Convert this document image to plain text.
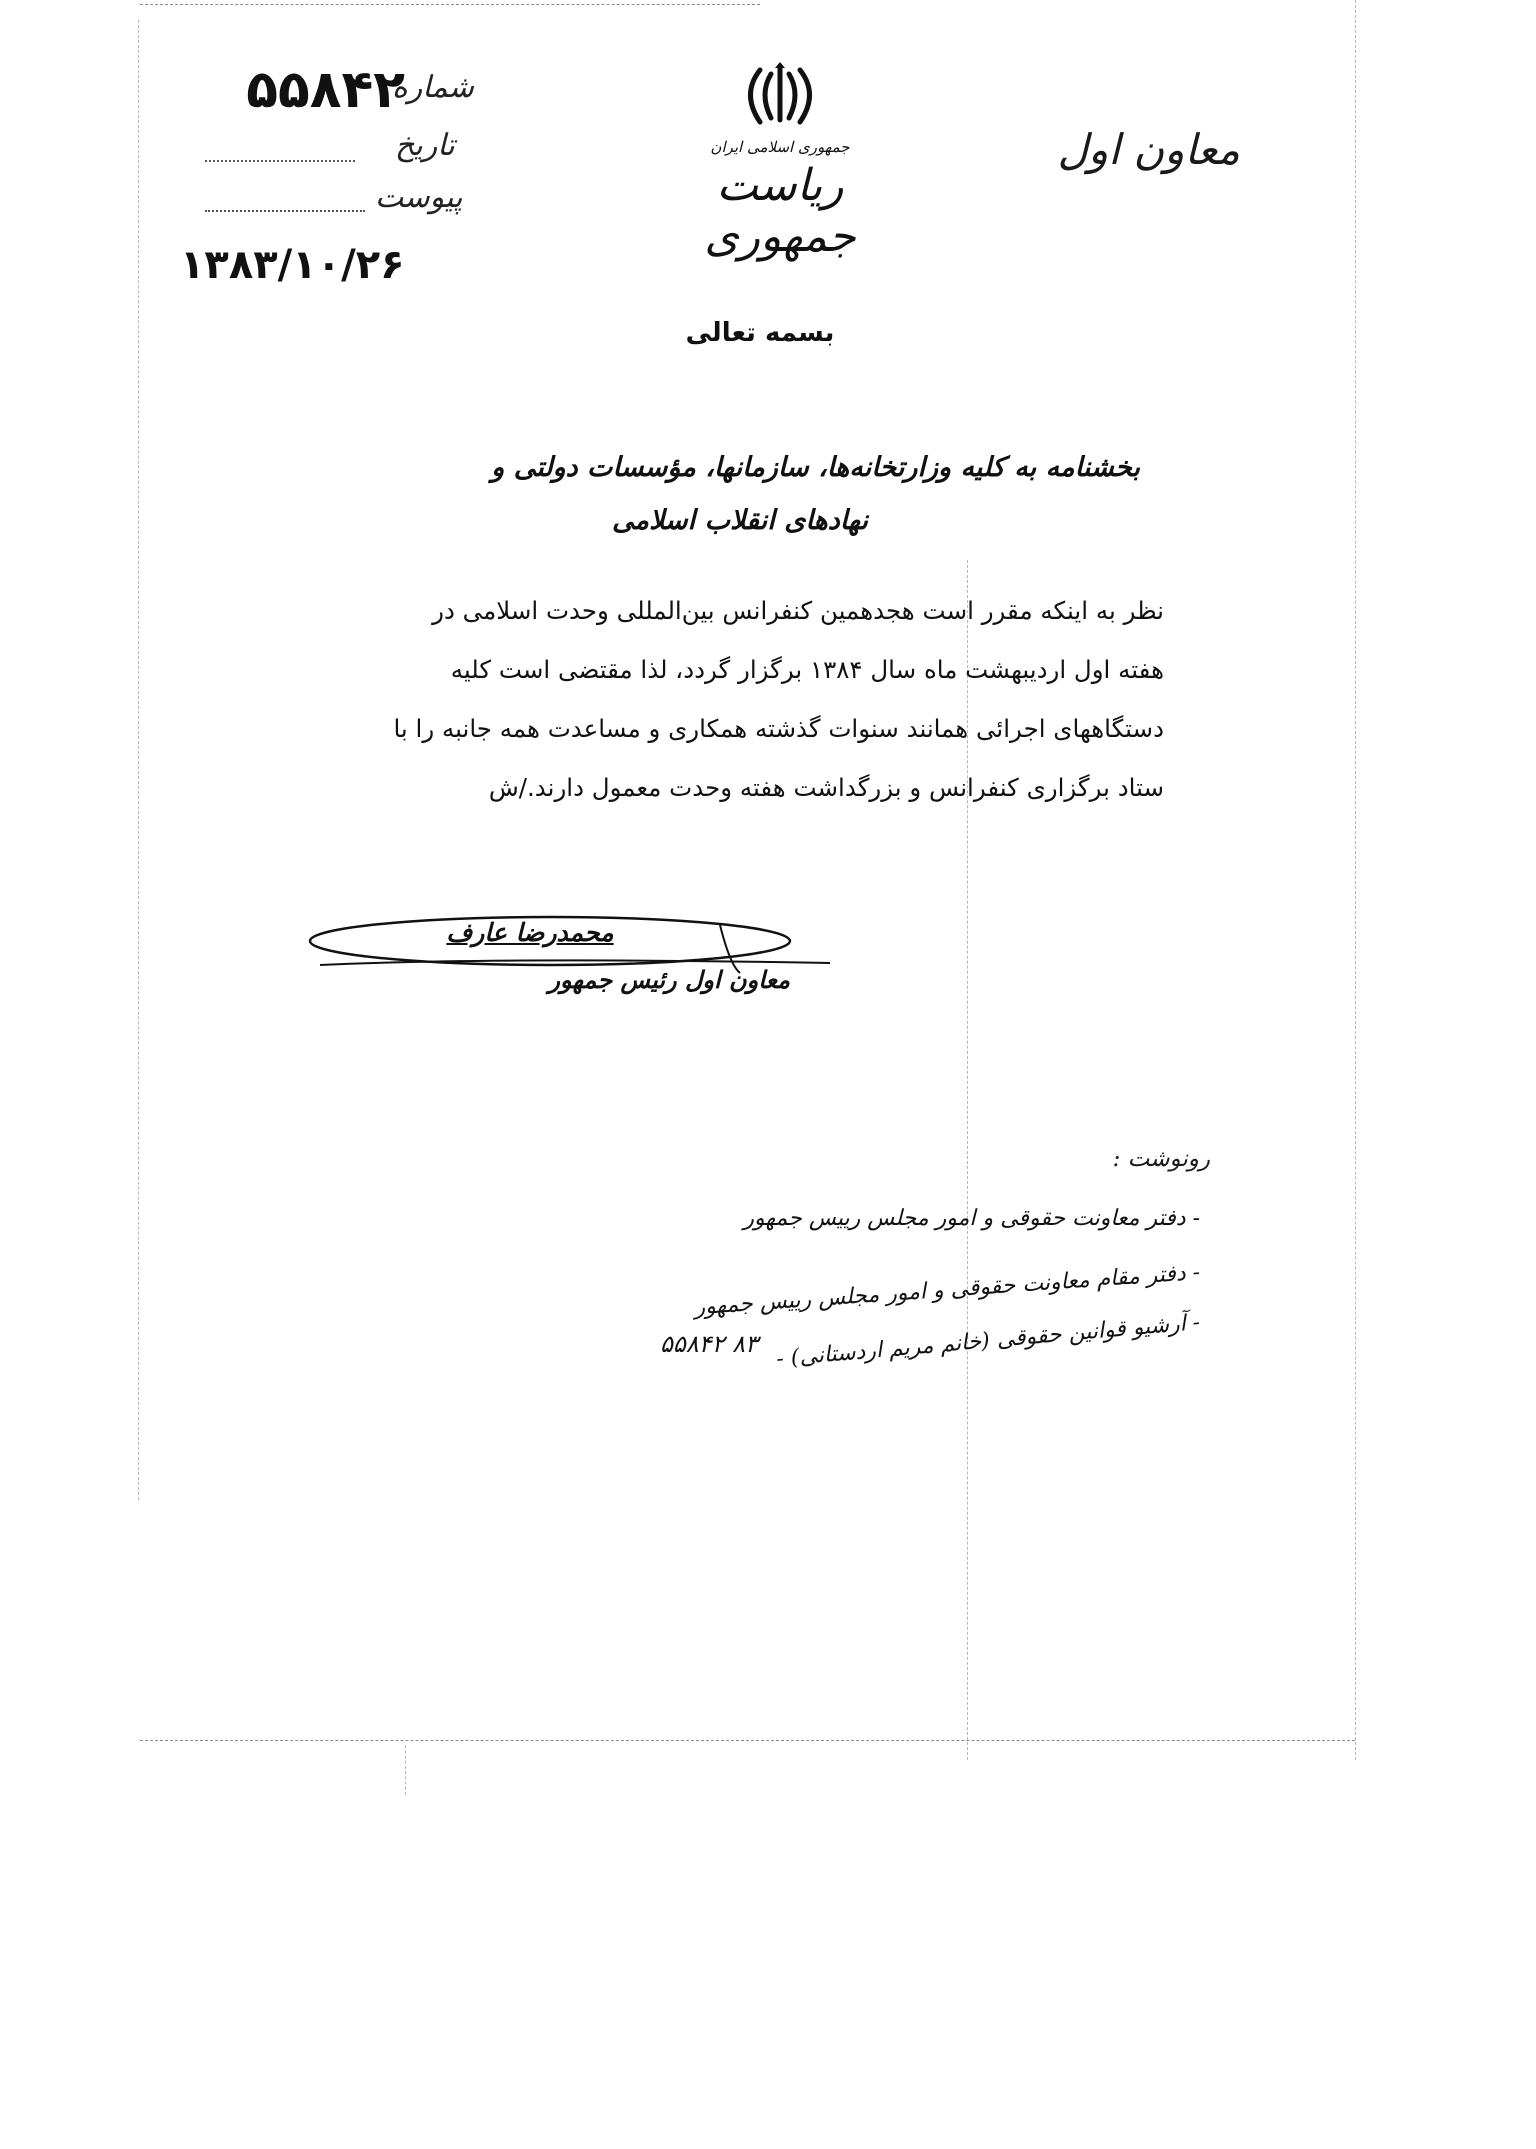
۵۵۸۴۲
شماره
تاریخ
پیوست
۱۳۸۳/۱۰/۲۶
جمهوری اسلامی ایران
ریاست جمهوری
معاون اول
بسمه تعالی
بخشنامه به کلیه وزارتخانه‌ها، سازمانها، مؤسسات دولتی و
نهادهای انقلاب اسلامی
نظر به اینکه مقرر است هجدهمین کنفرانس بین‌المللی وحدت اسلامی در
هفته اول اردیبهشت ماه سال ۱۳۸۴ برگزار گردد، لذا مقتضی است کلیه
دستگاههای اجرائی همانند سنوات گذشته همکاری و مساعدت همه جانبه را با
ستاد برگزاری کنفرانس و بزرگداشت هفته وحدت معمول دارند./ش
محمدرضا عارف
معاون اول رئیس جمهور
رونوشت :
- دفتر معاونت حقوقی و امور مجلس رییس جمهور
- دفتر مقام معاونت حقوقی و امور مجلس رییس جمهور
- آرشیو قوانین حقوقی (خانم مریم اردستانی) -
۵۵۸۴۲ ۸۳
